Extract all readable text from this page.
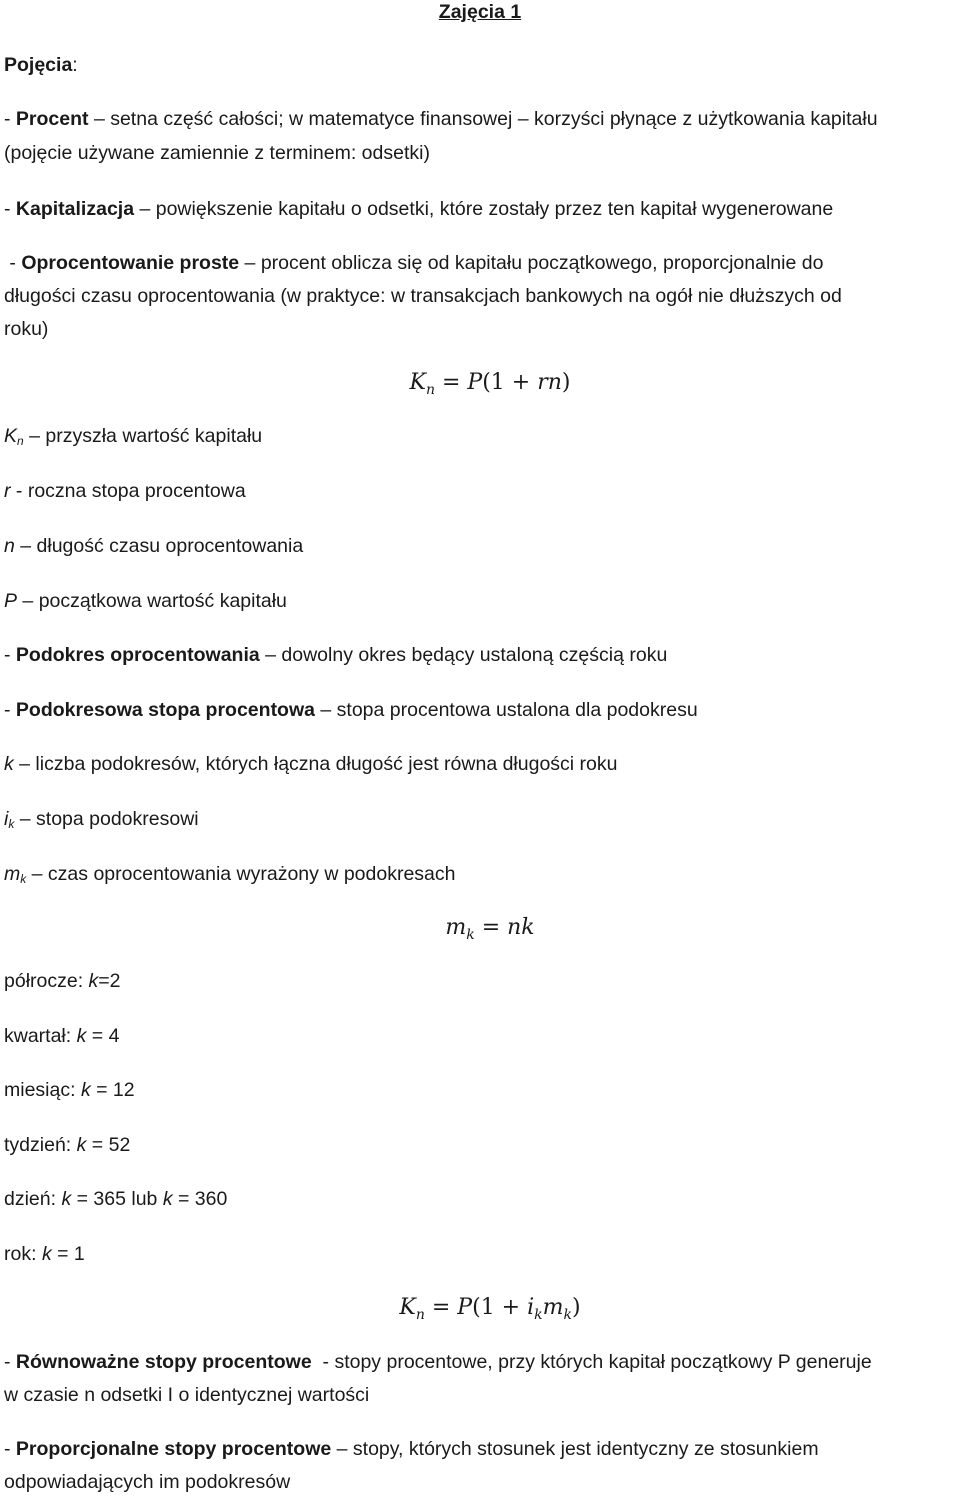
Zajęcia 1
Pojęcia:
- Procent – setna część całości; w matematyce finansowej – korzyści płynące z użytkowania kapitału
(pojęcie używane zamiennie z terminem: odsetki)
- Kapitalizacja – powiększenie kapitału o odsetki, które zostały przez ten kapitał wygenerowane
- Oprocentowanie proste – procent oblicza się od kapitału początkowego, proporcjonalnie do
długości czasu oprocentowania (w praktyce: w transakcjach bankowych na ogół nie dłuższych od
roku)
$K_n = P(1 + rn)$
$K_n$ – przyszła wartość kapitału
r - roczna stopa procentowa
n – długość czasu oprocentowania
P – początkowa wartość kapitału
- Podokres oprocentowania – dowolny okres będący ustaloną częścią roku
- Podokresowa stopa procentowa – stopa procentowa ustalona dla podokresu
k – liczba podokresów, których łączna długość jest równa długości roku
$i_k$ – stopa podokresowi
$m_k$ – czas oprocentowania wyrażony w podokresach
$m_k$ = nk
półrocze: k=2
kwartał: k = 4
miesiąc: k = 12
tydzień: k = 52
dzień: k = 365 lub k = 360
rok: k = 1
$K_n = P(1 + i_km_k)$
- Równoważne stopy procentowe  - stopy procentowe, przy których kapitał początkowy P generuje
w czasie n odsetki I o identycznej wartości
- Proporcjonalne stopy procentowe – stopy, których stosunek jest identyczny ze stosunkiem
odpowiadających im podokresów
